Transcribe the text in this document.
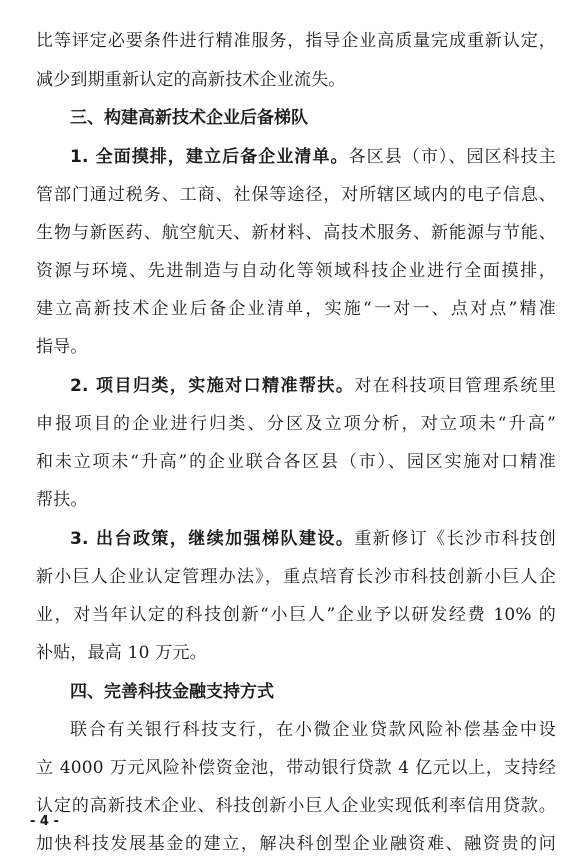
比等评定必要条件进行精准服务，指导企业高质量完成重新认定，
减少到期重新认定的高新技术企业流失。
三、构建高新技术企业后备梯队
1. 全面摸排，建立后备企业清单。各区县（市）、园区科技主
管部门通过税务、工商、社保等途径，对所辖区域内的电子信息、
生物与新医药、航空航天、新材料、高技术服务、新能源与节能、
资源与环境、先进制造与自动化等领域科技企业进行全面摸排，
建立高新技术企业后备企业清单，实施“一对一、点对点”精准
指导。
2. 项目归类，实施对口精准帮扶。对在科技项目管理系统里
申报项目的企业进行归类、分区及立项分析，对立项未“升高”
和未立项未“升高”的企业联合各区县（市）、园区实施对口精准
帮扶。
3. 出台政策，继续加强梯队建设。重新修订《长沙市科技创
新小巨人企业认定管理办法》，重点培育长沙市科技创新小巨人企
业，对当年认定的科技创新“小巨人”企业予以研发经费 10% 的
补贴，最高 10 万元。
四、完善科技金融支持方式
联合有关银行科技支行，在小微企业贷款风险补偿基金中设
立 4000 万元风险补偿资金池，带动银行贷款 4 亿元以上，支持经
认定的高新技术企业、科技创新小巨人企业实现低利率信用贷款。
加快科技发展基金的建立，解决科创型企业融资难、融资贵的问
- 4 -
